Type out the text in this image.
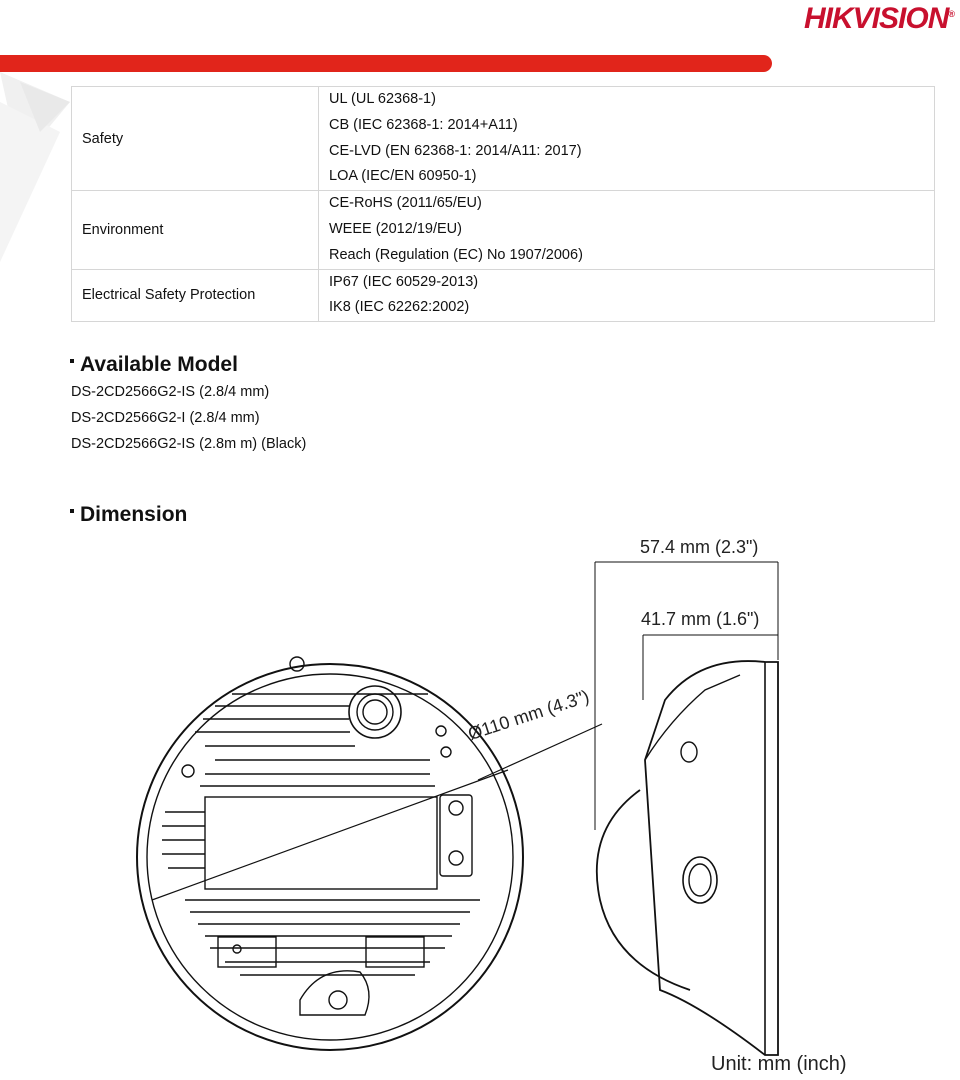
HIKVISION®
Safety	UL (UL 62368-1)
CB (IEC 62368-1: 2014+A11)
CE-LVD (EN 62368-1: 2014/A11: 2017)
LOA (IEC/EN 60950-1)

Environment	CE-RoHS (2011/65/EU)
WEEE (2012/19/EU)
Reach (Regulation (EC) No 1907/2006)

Electrical Safety Protection	IP67 (IEC 60529-2013)
IK8 (IEC 62262:2002)
Available Model
DS-2CD2566G2-IS (2.8/4 mm)
DS-2CD2566G2-I (2.8/4 mm)
DS-2CD2566G2-IS (2.8m m) (Black)
Dimension
57.4 mm (2.3")
41.7 mm (1.6")
Ø110 mm (4.3")
Unit: mm (inch)
